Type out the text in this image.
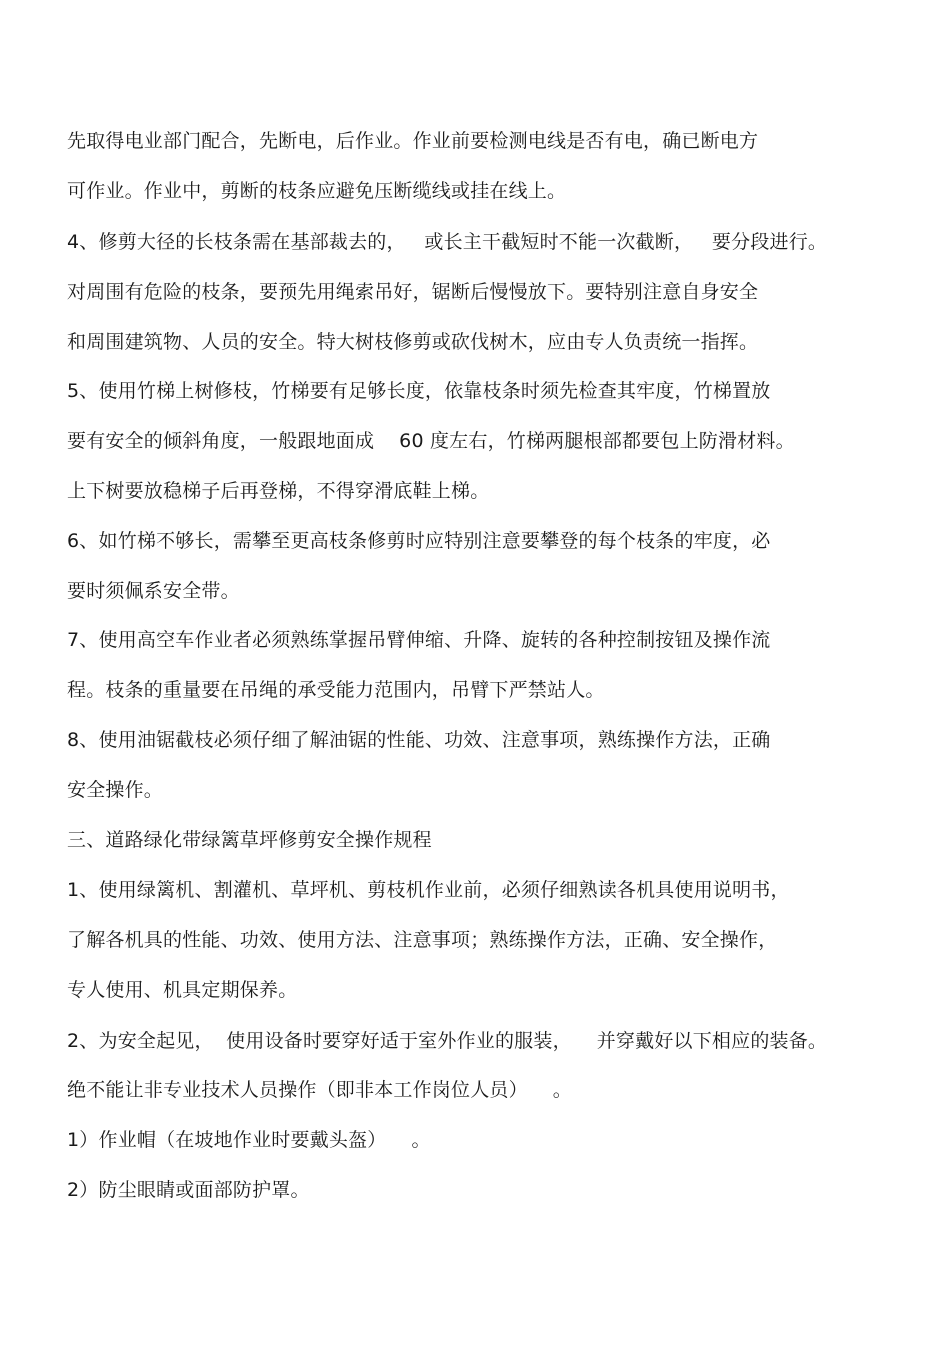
先取得电业部门配合，先断电，后作业。作业前要检测电线是否有电，确已断电方
可作业。作业中，剪断的枝条应避免压断缆线或挂在线上。
4、修剪大径的长枝条需在基部裁去的，   或长主干截短时不能一次截断，   要分段进行。
对周围有危险的枝条，要预先用绳索吊好，锯断后慢慢放下。要特别注意自身安全
和周围建筑物、人员的安全。特大树枝修剪或砍伐树木，应由专人负责统一指挥。
5、使用竹梯上树修枝，竹梯要有足够长度，依靠枝条时须先检查其牢度，竹梯置放
要有安全的倾斜角度，一般跟地面成    60 度左右，竹梯两腿根部都要包上防滑材料。
上下树要放稳梯子后再登梯，不得穿滑底鞋上梯。
6、如竹梯不够长，需攀至更高枝条修剪时应特别注意要攀登的每个枝条的牢度，必
要时须佩系安全带。
7、使用高空车作业者必须熟练掌握吊臂伸缩、升降、旋转的各种控制按钮及操作流
程。枝条的重量要在吊绳的承受能力范围内，吊臂下严禁站人。
8、使用油锯截枝必须仔细了解油锯的性能、功效、注意事项，熟练操作方法，正确
安全操作。
三、道路绿化带绿篱草坪修剪安全操作规程
1、使用绿篱机、割灌机、草坪机、剪枝机作业前，必须仔细熟读各机具使用说明书，
了解各机具的性能、功效、使用方法、注意事项；熟练操作方法，正确、安全操作，
专人使用、机具定期保养。
2、为安全起见，  使用设备时要穿好适于室外作业的服装，    并穿戴好以下相应的装备。
绝不能让非专业技术人员操作（即非本工作岗位人员）    。
1）作业帽（在坡地作业时要戴头盔）    。
2）防尘眼睛或面部防护罩。
